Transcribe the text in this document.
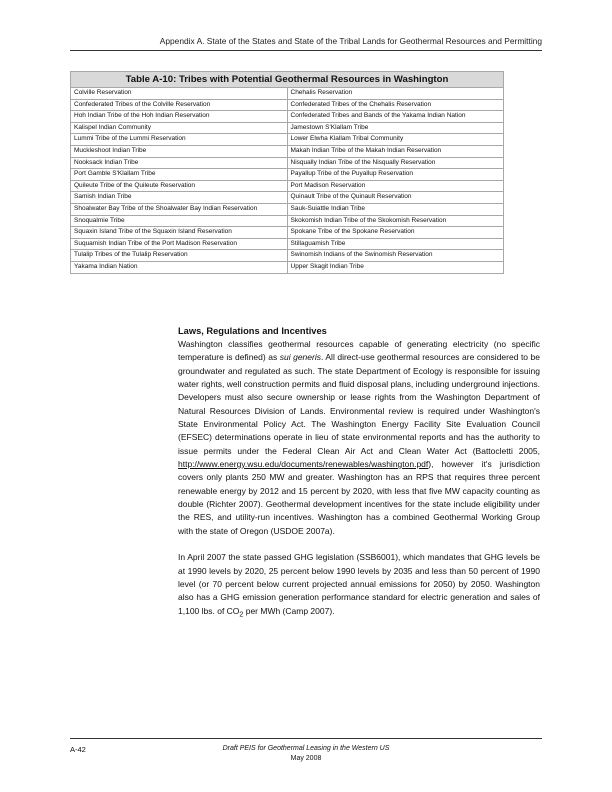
Appendix A. State of the States and State of the Tribal Lands for Geothermal Resources and Permitting
Table A-10: Tribes with Potential Geothermal Resources in Washington	
Colville Reservation	Chehalis Reservation
Confederated Tribes of the Colville Reservation	Confederated Tribes of the Chehalis Reservation
Hoh Indian Tribe of the Hoh Indian Reservation	Confederated Tribes and Bands of the Yakama Indian Nation
Kalispel Indian Community	Jamestown S'Klallam Tribe
Lummi Tribe of the Lummi Reservation	Lower Elwha Klallam Tribal Community
Muckleshoot Indian Tribe	Makah Indian Tribe of the Makah Indian Reservation
Nooksack Indian Tribe	Nisqually Indian Tribe of the Nisqually Reservation
Port Gamble S'Klallam Tribe	Payallup Tribe of the Puyallup Reservation
Quileute Tribe of the Quileute Reservation	Port Madison Reservation
Samish Indian Tribe	Quinault Tribe of the Quinault Reservation
Shoalwater Bay Tribe of the Shoalwater Bay Indian Reservation	Sauk-Suiattle Indian Tribe
Snoqualmie Tribe	Skokomish Indian Tribe of the Skokomish Reservation
Squaxin Island Tribe of the Squaxin Island Reservation	Spokane Tribe of the Spokane Reservation
Suquamish Indian Tribe of the Port Madison Reservation	Stillaguamish Tribe
Tulalip Tribes of the Tulalip Reservation	Swinomish Indians of the Swinomish Reservation
Yakama Indian Nation	Upper Skagit Indian Tribe
Laws, Regulations and Incentives

Washington classifies geothermal resources capable of generating electricity (no specific temperature is defined) as sui generis. All direct-use geothermal resources are considered to be groundwater and regulated as such. The state Department of Ecology is responsible for issuing water rights, well construction permits and fluid disposal plans, including underground injections. Developers must also secure ownership or lease rights from the Washington Department of Natural Resources Division of Lands. Environmental review is required under Washington's State Environmental Policy Act. The Washington Energy Facility Site Evaluation Council (EFSEC) determinations operate in lieu of state environmental reports and has the authority to issue permits under the Federal Clean Air Act and Clean Water Act (Battocletti 2005, http://www.energy.wsu.edu/documents/renewables/washington.pdf), however it's jurisdiction covers only plants 250 MW and greater. Washington has an RPS that requires three percent renewable energy by 2012 and 15 percent by 2020, with less that five MW capacity counting as double (Richter 2007). Geothermal development incentives for the state include eligibility under the RES, and utility-run incentives. Washington has a combined Geothermal Working Group with the state of Oregon (USDOE 2007a).

In April 2007 the state passed GHG legislation (SSB6001), which mandates that GHG levels be at 1990 levels by 2020, 25 percent below 1990 levels by 2035 and less than 50 percent of 1990 level (or 70 percent below current projected annual emissions for 2050) by 2050. Washington also has a GHG emission generation performance standard for electric generation and sales of 1,100 lbs. of $CO_2$ per MWh (Camp 2007).

A-42	Draft PEIS for Geothermal Leasing in the Western US
May 2008
